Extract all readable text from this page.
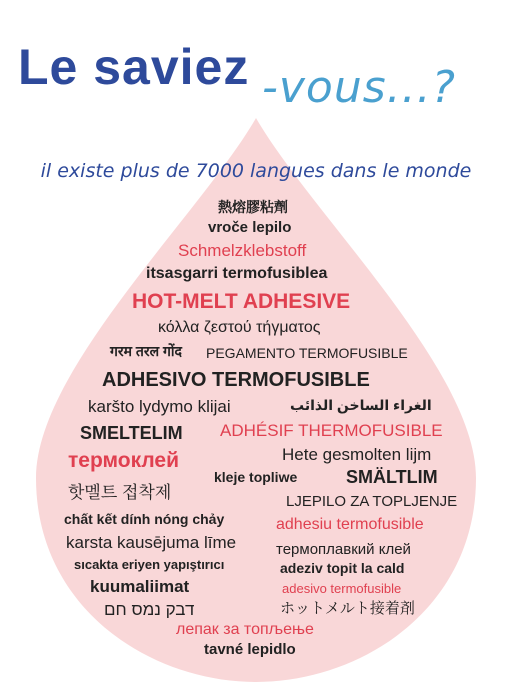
Le saviez -vous...?
il existe plus de 7000 langues dans le monde
熱熔膠粘劑
vroče lepilo
Schmelzklebstoff
itsasgarri termofusiblea
HOT-MELT ADHESIVE
κόλλα ζεστού τήγματος
गरम तरल गोंद PEGAMENTO TERMOFUSIBLE
ADHESIVO TERMOFUSIBLE
karšto lydymo klijai	الغراء الساخن الذائب
SMELTELIM ADHÉSIF THERMOFUSIBLE
термоклей	Hete gesmolten lijm
kleje topliwe	SMÄLTLIM
핫멜트 접착제	LJEPILO ZA TOPLJENJE
chất kết dính nóng chảy	adhesiu termofusible
karsta kausējuma līme	термоплавкий клей
sıcakta eriyen yapıştırıcı	adeziv topit la cald
kuumaliimat	adesivo termofusible
דבק נמס חם	ホットメルト接着剤
лепак за топљење
tavné lepidlo
